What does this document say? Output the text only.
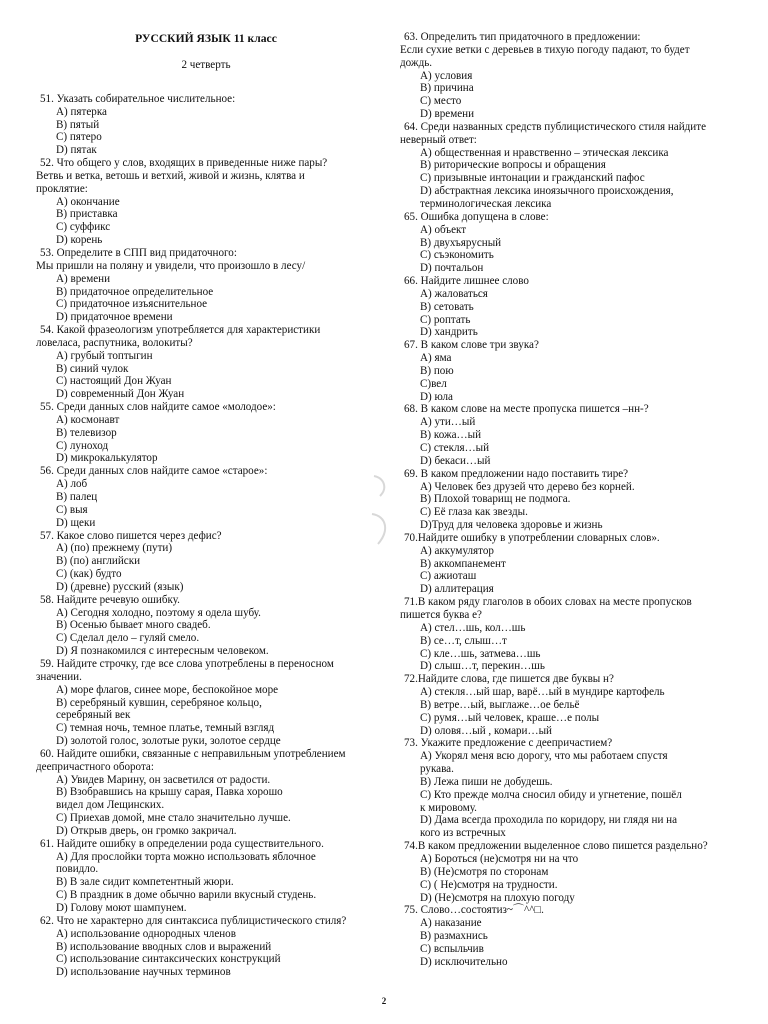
РУССКИЙ ЯЗЫК 11 класс
2 четверть
51. Указать собирательное числительное:
A) пятерка
B) пятый
C) пятеро
D) пятак
52. Что общего у слов, входящих в приведенные ниже пары?
Ветвь и ветка, ветошь и ветхий, живой и жизнь, клятва и
проклятие:
A) окончание
B) приставка
C) суффикс
D) корень
53. Определите в СПП вид придаточного:
Мы пришли на поляну и увидели, что произошло в лесу/
A) времени
B) придаточное определительное
C) придаточное изъяснительное
D) придаточное времени
54. Какой фразеологизм употребляется для характеристики
ловеласа, распутника, волокиты?
A) грубый топтыгин
B) синий чулок
C) настоящий Дон Жуан
D) современный Дон Жуан
55. Среди данных слов найдите самое «молодое»:
A) космонавт
B) телевизор
C) луноход
D) микрокалькулятор
56. Среди данных слов найдите самое «старое»:
A) лоб
B) палец
C) выя
D) щеки
57. Какое слово пишется через дефис?
A) (по) прежнему (пути)
B) (по) английски
C) (как) будто
D) (древне) русский (язык)
58. Найдите речевую ошибку.
A) Сегодня холодно, поэтому я одела шубу.
B) Осенью бывает много свадеб.
C) Сделал дело – гуляй смело.
D) Я познакомился с интересным человеком.
59. Найдите строчку, где все слова употреблены в переносном
значении.
A) море флагов, синее море, беспокойное море
B) серебряный кувшин, серебряное кольцо,
серебряный век
C) темная ночь, темное платье, темный взгляд
D) золотой голос, золотые руки, золотое сердце
60. Найдите ошибки, связанные с неправильным употреблением
деепричастного оборота:
A) Увидев Марину, он засветился от радости.
B) Взобравшись на крышу сарая, Павка хорошо
видел дом Лещинских.
C) Приехав домой, мне стало значительно лучше.
D) Открыв дверь, он громко закричал.
61. Найдите ошибку в определении рода существительного.
A) Для прослойки торта можно использовать яблочное
повидло.
B) В зале сидит компетентный жюри.
C) В праздник в доме обычно варили вкусный студень.
D) Голову моют шампунем.
62. Что не характерно для синтаксиса публицистического стиля?
A) использование однородных членов
B) использование вводных слов и выражений
C) использование синтаксических конструкций
D) использование научных терминов
63. Определить тип придаточного в предложении:
Если сухие ветки с деревьев в тихую погоду падают, то будет
дождь.
A) условия
B) причина
C) место
D) времени
64. Среди названных средств публицистического стиля найдите
неверный ответ:
A) общественная и нравственно – этическая лексика
B) риторические вопросы и обращения
C) призывные интонации и гражданский пафос
D) абстрактная лексика иноязычного происхождения,
терминологическая лексика
65. Ошибка допущена в слове:
A) объект
B) двухъярусный
C) съэкономить
D) почтальон
66. Найдите лишнее слово
A) жаловаться
B) сетовать
C) роптать
D) хандрить
67. В каком слове три звука?
A) яма
B) пою
C)вел
D) юла
68. В каком слове на месте пропуска пишется –нн-?
A) ути…ый
B) кожа…ый
C) стекля…ый
D) бекаси…ый
69. В каком предложении надо поставить тире?
A) Человек без друзей что дерево без корней.
B) Плохой товарищ не подмога.
C) Её глаза как звезды.
D)Труд для человека здоровье и жизнь
70.Найдите ошибку в употреблении словарных слов».
A) аккумулятор
B) аккомпанемент
C) ажиоташ
D) аллитерация
71.В каком ряду глаголов в обоих словах на месте пропусков
пишется буква е?
A) стел…шь, кол…шь
B) се…т, слыш…т
C) кле…шь, затмева…шь
D) слыш…т, перекин…шь
72.Найдите слова, где пишется две буквы н?
A) стекля…ый шар, варё…ый в мундире картофель
B) ветре…ый, выглаже…ое бельё
C) румя…ый человек, краше…е полы
D) оловя…ый , комари…ый
73. Укажите предложение с деепричастием?
A) Укорял меня всю дорогу, что мы работаем спустя
рукава.
B) Лежа пиши не добудешь.
C) Кто прежде молча сносил обиду и угнетение, пошёл
к мировому.
D) Дама всегда проходила по коридору, ни глядя ни на
кого из встречных
74.В каком предложении выделенное слово пишется раздельно?
A) Бороться (не)смотря ни на что
B) (Не)смотря по сторонам
C) ( Не)смотря на трудности.
D) (Не)смотря на плохую погоду
75. Слово…состоятиз~⌒^^□.
A) наказание
B) размахнись
C) вспыльчив
D) исключительно
2
